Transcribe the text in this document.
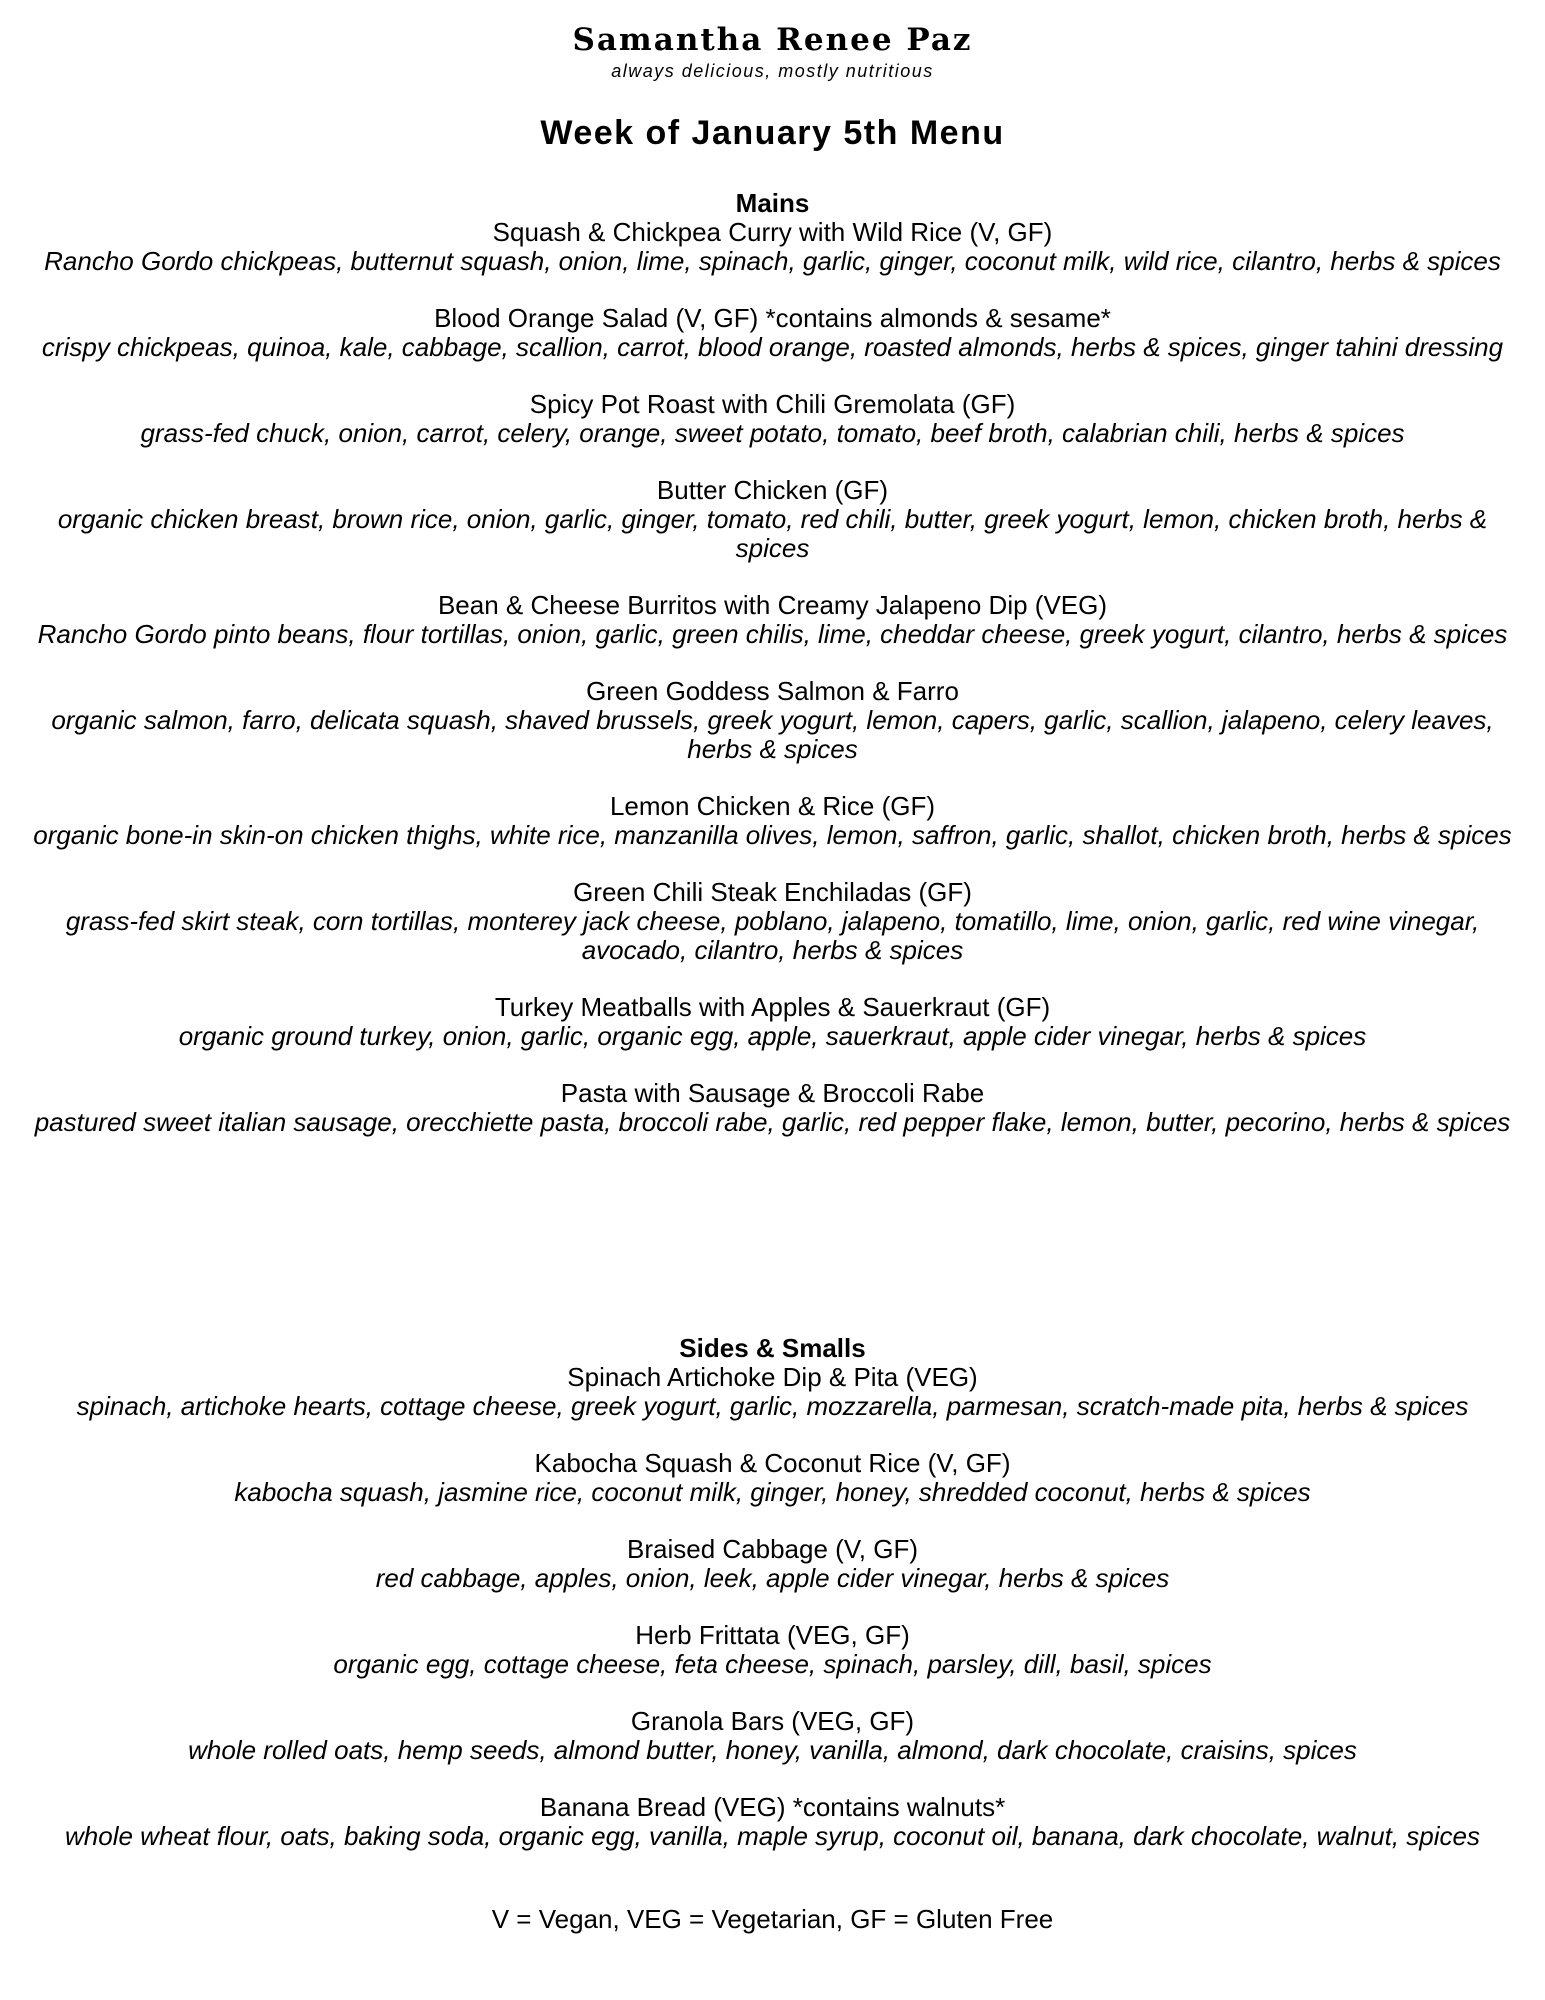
Samantha Renee Paz
always delicious, mostly nutritious
Week of January 5th Menu
Mains
Squash & Chickpea Curry with Wild Rice (V, GF)
Rancho Gordo chickpeas, butternut squash, onion, lime, spinach, garlic, ginger, coconut milk, wild rice, cilantro, herbs & spices
Blood Orange Salad (V, GF) *contains almonds & sesame*
crispy chickpeas, quinoa, kale, cabbage, scallion, carrot, blood orange, roasted almonds, herbs & spices, ginger tahini dressing
Spicy Pot Roast with Chili Gremolata (GF)
grass-fed chuck, onion, carrot, celery, orange, sweet potato, tomato, beef broth, calabrian chili, herbs & spices
Butter Chicken (GF)
organic chicken breast, brown rice, onion, garlic, ginger, tomato, red chili, butter, greek yogurt, lemon, chicken broth, herbs & spices
Bean & Cheese Burritos with Creamy Jalapeno Dip (VEG)
Rancho Gordo pinto beans, flour tortillas, onion, garlic, green chilis, lime, cheddar cheese, greek yogurt, cilantro, herbs & spices
Green Goddess Salmon & Farro
organic salmon, farro, delicata squash, shaved brussels, greek yogurt, lemon, capers, garlic, scallion, jalapeno, celery leaves, herbs & spices
Lemon Chicken & Rice (GF)
organic bone-in skin-on chicken thighs, white rice, manzanilla olives, lemon, saffron, garlic, shallot, chicken broth, herbs & spices
Green Chili Steak Enchiladas (GF)
grass-fed skirt steak, corn tortillas, monterey jack cheese, poblano, jalapeno, tomatillo, lime, onion, garlic, red wine vinegar, avocado, cilantro, herbs & spices
Turkey Meatballs with Apples & Sauerkraut (GF)
organic ground turkey, onion, garlic, organic egg, apple, sauerkraut, apple cider vinegar, herbs & spices
Pasta with Sausage & Broccoli Rabe
pastured sweet italian sausage, orecchiette pasta, broccoli rabe, garlic, red pepper flake, lemon, butter, pecorino, herbs & spices
Sides & Smalls
Spinach Artichoke Dip & Pita (VEG)
spinach, artichoke hearts, cottage cheese, greek yogurt, garlic, mozzarella, parmesan, scratch-made pita, herbs & spices
Kabocha Squash & Coconut Rice (V, GF)
kabocha squash, jasmine rice, coconut milk, ginger, honey, shredded coconut, herbs & spices
Braised Cabbage (V, GF)
red cabbage, apples, onion, leek, apple cider vinegar, herbs & spices
Herb Frittata (VEG, GF)
organic egg, cottage cheese, feta cheese, spinach, parsley, dill, basil, spices
Granola Bars (VEG, GF)
whole rolled oats, hemp seeds, almond butter, honey, vanilla, almond, dark chocolate, craisins, spices
Banana Bread (VEG) *contains walnuts*
whole wheat flour, oats, baking soda, organic egg, vanilla, maple syrup, coconut oil, banana, dark chocolate, walnut, spices
V = Vegan, VEG = Vegetarian, GF = Gluten Free
